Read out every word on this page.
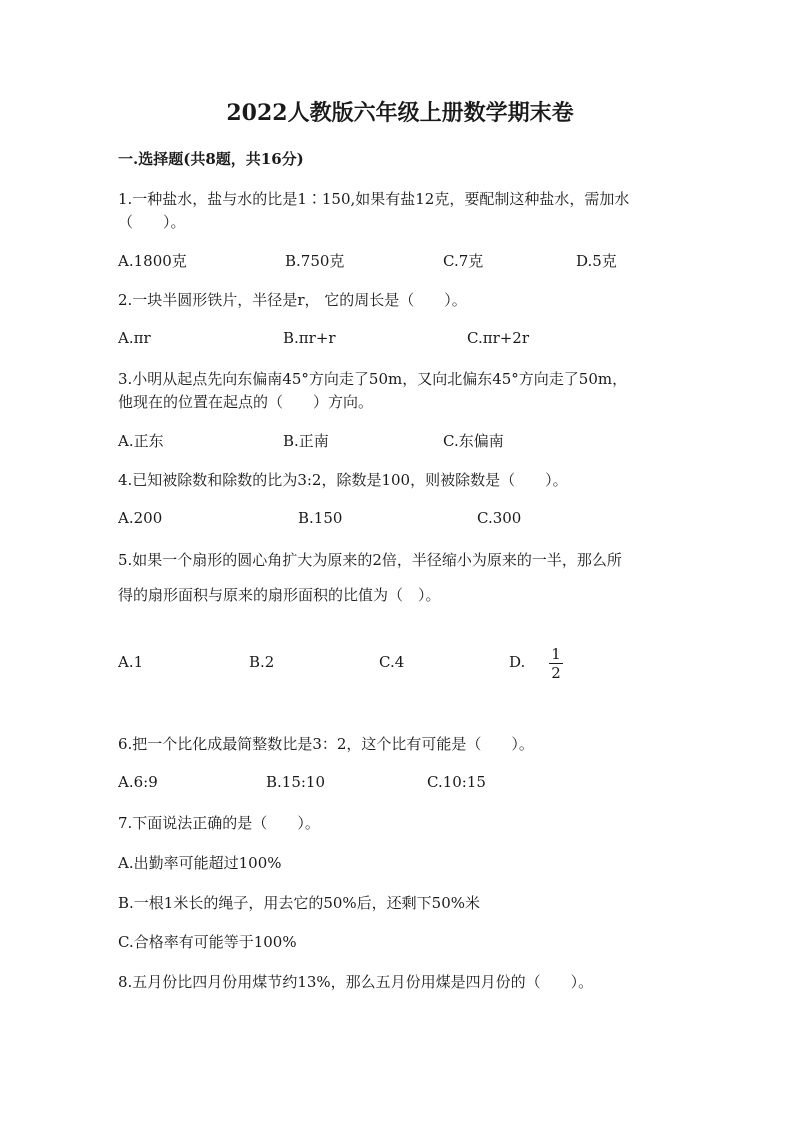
2022人教版六年级上册数学期末卷
一.选择题(共8题，共16分)
1.一种盐水，盐与水的比是1∶150,如果有盐12克，要配制这种盐水，需加水
（　　）。
A.1800克	B.750克	C.7克	D.5克
2.一块半圆形铁片，半径是r， 它的周长是（　　）。
A.πr	B.πr+r	C.πr+2r
3.小明从起点先向东偏南45°方向走了50m，又向北偏东45°方向走了50m，
他现在的位置在起点的（　　）方向。
A.正东	B.正南	C.东偏南
4.已知被除数和除数的比为3:2，除数是100，则被除数是（　　）。
A.200	B.150	C.300
5.如果一个扇形的圆心角扩大为原来的2倍，半径缩小为原来的一半，那么所
得的扇形面积与原来的扇形面积的比值为（　）。
A.1	B.2	C.4	D. 1
2
6.把一个比化成最简整数比是3：2，这个比有可能是（　　）。
A.6:9	B.15:10	C.10:15
7.下面说法正确的是（　　）。
A.出勤率可能超过100%
B.一根1米长的绳子，用去它的50%后，还剩下50%米
C.合格率有可能等于100%
8.五月份比四月份用煤节约13%，那么五月份用煤是四月份的（　　）。
